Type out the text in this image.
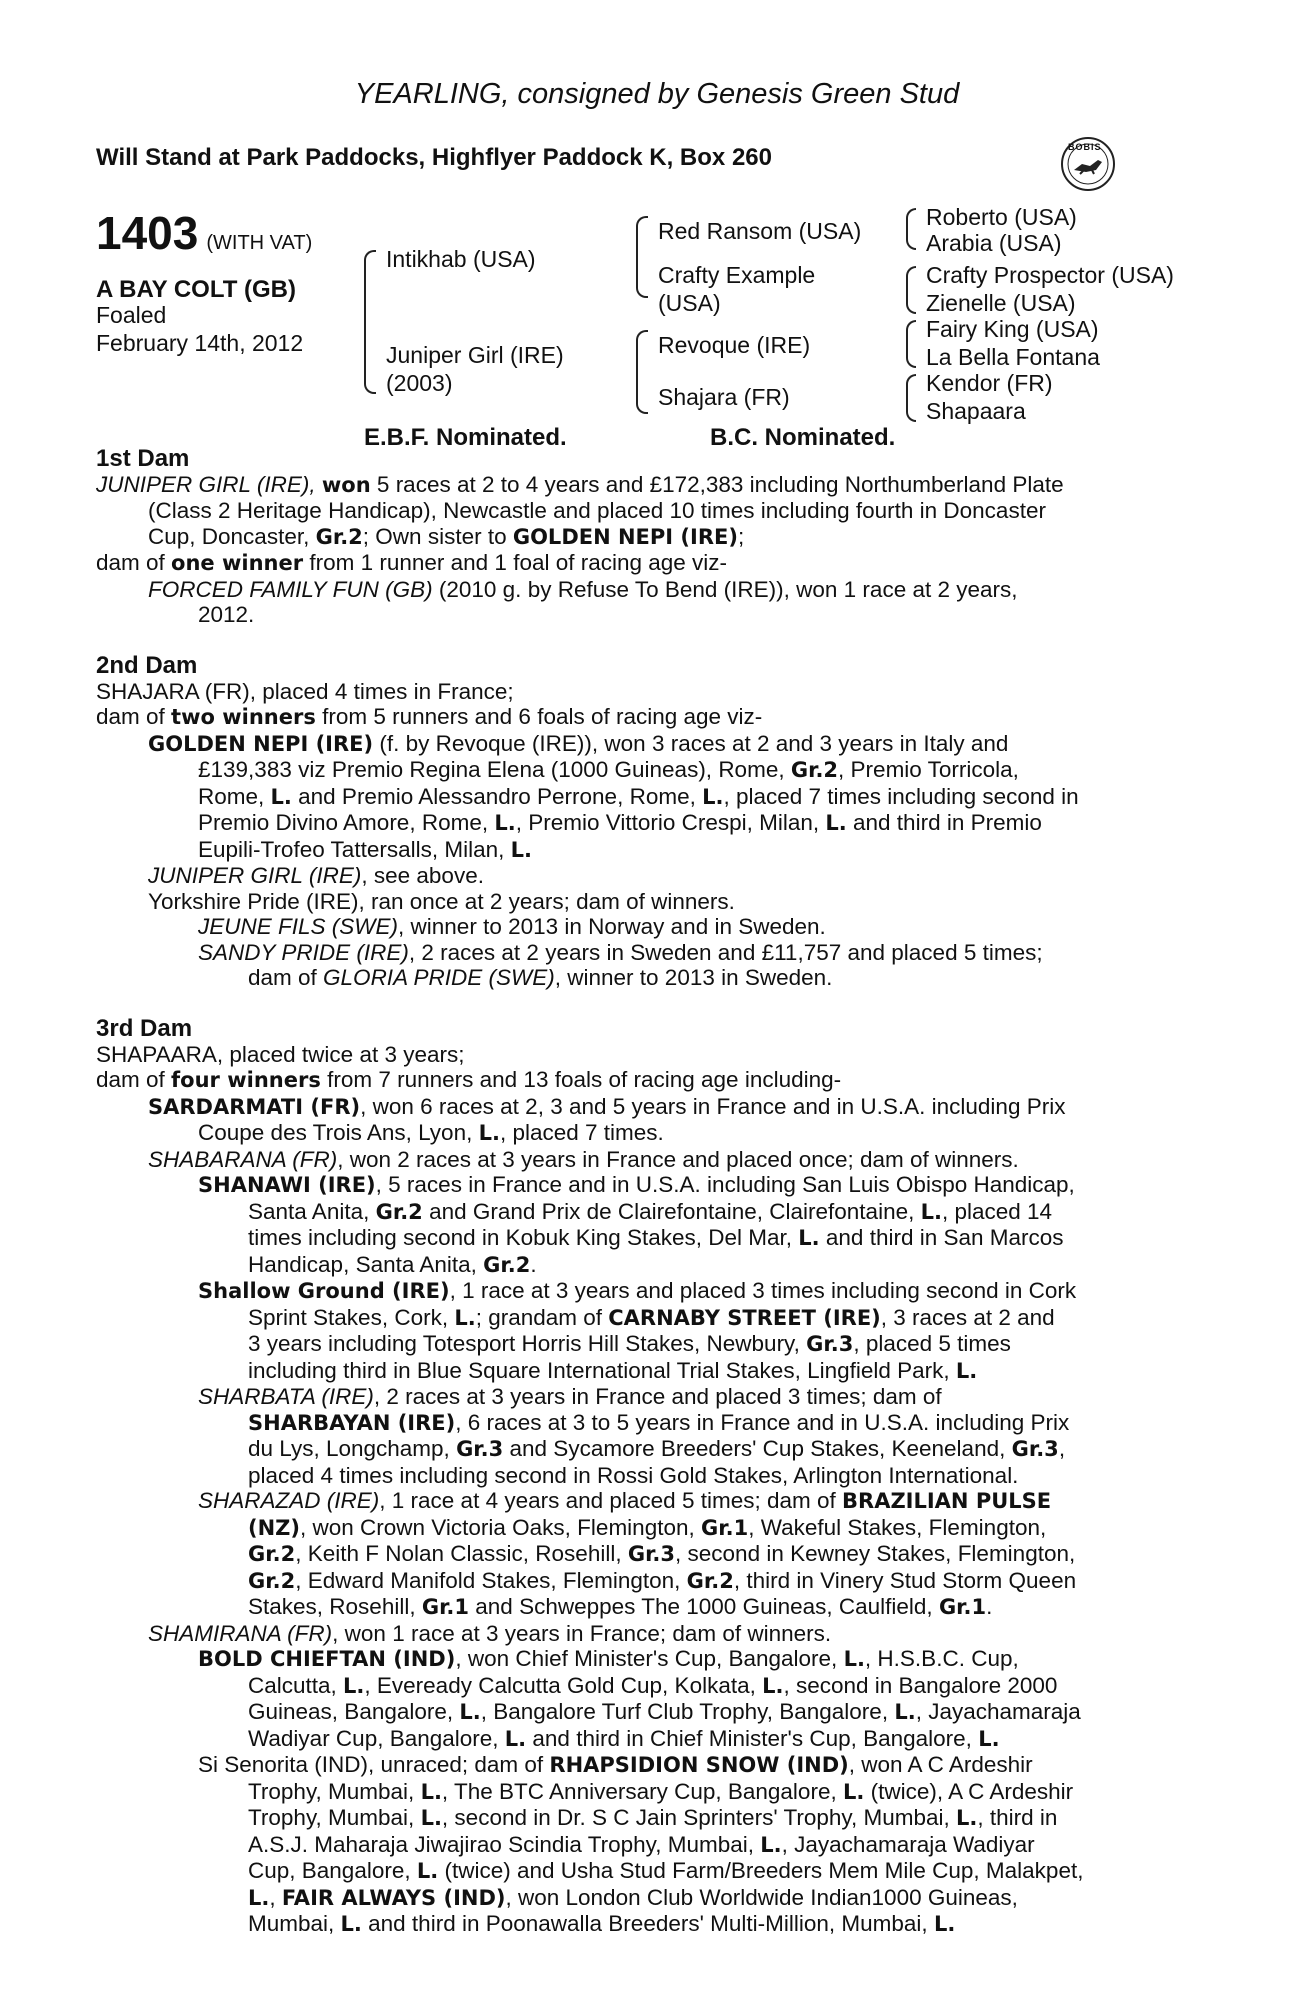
YEARLING, consigned by Genesis Green Stud
Will Stand at Park Paddocks, Highflyer Paddock K, Box 260	BOBIS
1403 (WITH VAT)
A BAY COLT (GB)
Foaled
February 14th, 2012
Intikhab (USA)
Juniper Girl (IRE)
(2003)
Red Ransom (USA)
Crafty Example
(USA)
Revoque (IRE)
Shajara (FR)
Roberto (USA)
Arabia (USA)
Crafty Prospector (USA)
Zienelle (USA)
Fairy King (USA)
La Bella Fontana
Kendor (FR)
Shapaara
E.B.F. Nominated.	B.C. Nominated.
1st Dam
JUNIPER GIRL (IRE), won 5 races at 2 to 4 years and £172,383 including Northumberland Plate
(Class 2 Heritage Handicap), Newcastle and placed 10 times including fourth in Doncaster
Cup, Doncaster, Gr.2; Own sister to GOLDEN NEPI (IRE);
dam of one winner from 1 runner and 1 foal of racing age viz-
FORCED FAMILY FUN (GB) (2010 g. by Refuse To Bend (IRE)), won 1 race at 2 years,
2012.
2nd Dam
SHAJARA (FR), placed 4 times in France;
dam of two winners from 5 runners and 6 foals of racing age viz-
GOLDEN NEPI (IRE) (f. by Revoque (IRE)), won 3 races at 2 and 3 years in Italy and
£139,383 viz Premio Regina Elena (1000 Guineas), Rome, Gr.2, Premio Torricola,
Rome, L. and Premio Alessandro Perrone, Rome, L., placed 7 times including second in
Premio Divino Amore, Rome, L., Premio Vittorio Crespi, Milan, L. and third in Premio
Eupili-Trofeo Tattersalls, Milan, L.
JUNIPER GIRL (IRE), see above.
Yorkshire Pride (IRE), ran once at 2 years; dam of winners.
JEUNE FILS (SWE), winner to 2013 in Norway and in Sweden.
SANDY PRIDE (IRE), 2 races at 2 years in Sweden and £11,757 and placed 5 times;
dam of GLORIA PRIDE (SWE), winner to 2013 in Sweden.
3rd Dam
SHAPAARA, placed twice at 3 years;
dam of four winners from 7 runners and 13 foals of racing age including-
SARDARMATI (FR), won 6 races at 2, 3 and 5 years in France and in U.S.A. including Prix
Coupe des Trois Ans, Lyon, L., placed 7 times.
SHABARANA (FR), won 2 races at 3 years in France and placed once; dam of winners.
SHANAWI (IRE), 5 races in France and in U.S.A. including San Luis Obispo Handicap,
Santa Anita, Gr.2 and Grand Prix de Clairefontaine, Clairefontaine, L., placed 14
times including second in Kobuk King Stakes, Del Mar, L. and third in San Marcos
Handicap, Santa Anita, Gr.2.
Shallow Ground (IRE), 1 race at 3 years and placed 3 times including second in Cork
Sprint Stakes, Cork, L.; grandam of CARNABY STREET (IRE), 3 races at 2 and
3 years including Totesport Horris Hill Stakes, Newbury, Gr.3, placed 5 times
including third in Blue Square International Trial Stakes, Lingfield Park, L.
SHARBATA (IRE), 2 races at 3 years in France and placed 3 times; dam of
SHARBAYAN (IRE), 6 races at 3 to 5 years in France and in U.S.A. including Prix
du Lys, Longchamp, Gr.3 and Sycamore Breeders' Cup Stakes, Keeneland, Gr.3,
placed 4 times including second in Rossi Gold Stakes, Arlington International.
SHARAZAD (IRE), 1 race at 4 years and placed 5 times; dam of BRAZILIAN PULSE
(NZ), won Crown Victoria Oaks, Flemington, Gr.1, Wakeful Stakes, Flemington,
Gr.2, Keith F Nolan Classic, Rosehill, Gr.3, second in Kewney Stakes, Flemington,
Gr.2, Edward Manifold Stakes, Flemington, Gr.2, third in Vinery Stud Storm Queen
Stakes, Rosehill, Gr.1 and Schweppes The 1000 Guineas, Caulfield, Gr.1.
SHAMIRANA (FR), won 1 race at 3 years in France; dam of winners.
BOLD CHIEFTAN (IND), won Chief Minister's Cup, Bangalore, L., H.S.B.C. Cup,
Calcutta, L., Eveready Calcutta Gold Cup, Kolkata, L., second in Bangalore 2000
Guineas, Bangalore, L., Bangalore Turf Club Trophy, Bangalore, L., Jayachamaraja
Wadiyar Cup, Bangalore, L. and third in Chief Minister's Cup, Bangalore, L.
Si Senorita (IND), unraced; dam of RHAPSIDION SNOW (IND), won A C Ardeshir
Trophy, Mumbai, L., The BTC Anniversary Cup, Bangalore, L. (twice), A C Ardeshir
Trophy, Mumbai, L., second in Dr. S C Jain Sprinters' Trophy, Mumbai, L., third in
A.S.J. Maharaja Jiwajirao Scindia Trophy, Mumbai, L., Jayachamaraja Wadiyar
Cup, Bangalore, L. (twice) and Usha Stud Farm/Breeders Mem Mile Cup, Malakpet,
L., FAIR ALWAYS (IND), won London Club Worldwide Indian1000 Guineas,
Mumbai, L. and third in Poonawalla Breeders' Multi-Million, Mumbai, L.
